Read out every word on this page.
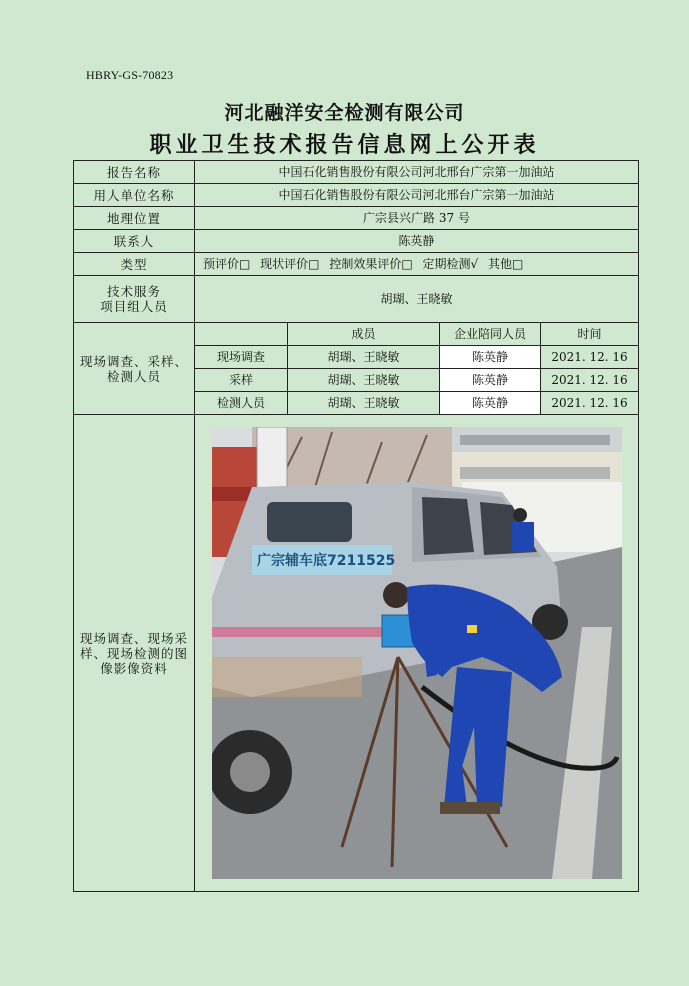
HBRY-GS-70823
河北融洋安全检测有限公司
职业卫生技术报告信息网上公开表
报告名称	中国石化销售股份有限公司河北邢台广宗第一加油站			
用人单位名称	中国石化销售股份有限公司河北邢台广宗第一加油站			
地理位置	广宗县兴广路 37 号			
联系人	陈英静			
类型	预评价□ 现状评价□ 控制效果评价□ 定期检测√ 其他□			
技术服务
项目组人员	胡瑚、王晓敏			
现场调查、采样、
检测人员		成员	企业陪同人员	时间
	现场调查	胡瑚、王晓敏	陈英静	2021. 12. 16
	采样	胡瑚、王晓敏	陈英静	2021. 12. 16
	检测人员	胡瑚、王晓敏	陈英静	2021. 12. 16
现场调查、现场采
样、现场检测的图
像影像资料	广宗辅车底7211525			
